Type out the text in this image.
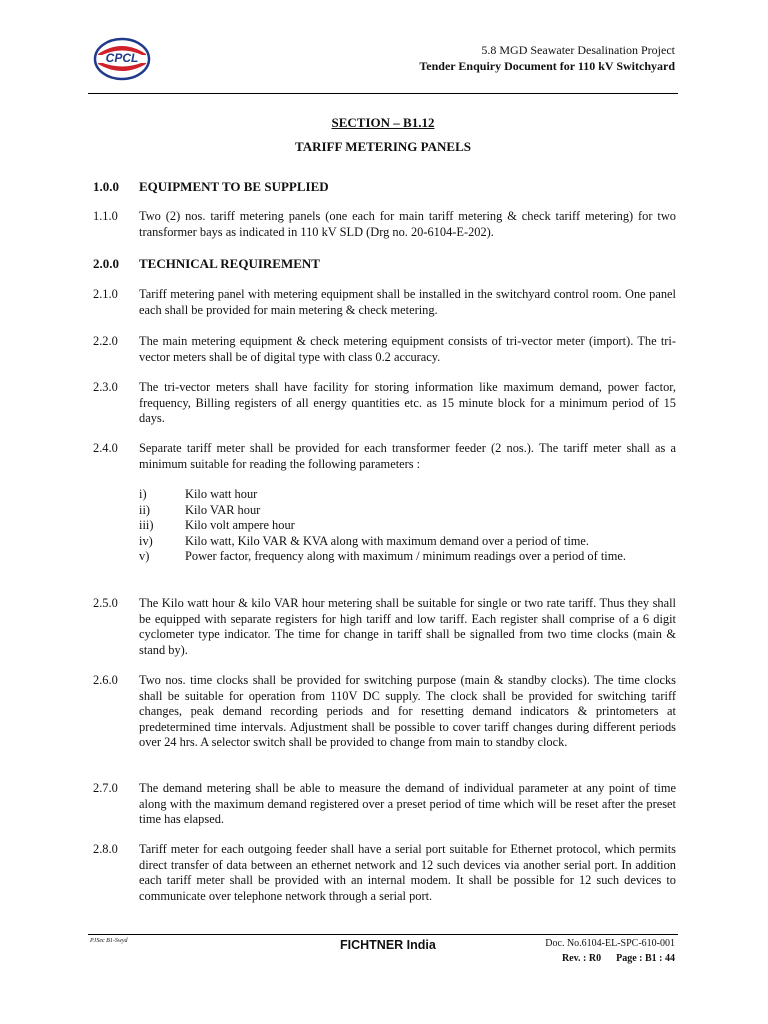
CPCL
5.8 MGD Seawater Desalination Project
Tender Enquiry Document for 110 kV Switchyard
SECTION – B1.12
TARIFF METERING PANELS
1.0.0 EQUIPMENT TO BE SUPPLIED
1.1.0 Two (2) nos. tariff metering panels (one each for main tariff metering & check tariff metering) for two transformer bays as indicated in 110 kV SLD (Drg no. 20-6104-E-202).
2.0.0 TECHNICAL REQUIREMENT
2.1.0 Tariff metering panel with metering equipment shall be installed in the switchyard control room. One panel each shall be provided for main metering & check metering.
2.2.0 The main metering equipment & check metering equipment consists of tri-vector meter (import). The tri-vector meters shall be of digital type with class 0.2 accuracy.
2.3.0 The tri-vector meters shall have facility for storing information like maximum demand, power factor, frequency, Billing registers of all energy quantities etc. as 15 minute block for a minimum period of 15 days.
2.4.0 Separate tariff meter shall be provided for each transformer feeder (2 nos.). The tariff meter shall as a minimum suitable for reading the following parameters :
i)	Kilo watt hour
ii)	Kilo VAR hour
iii)	Kilo volt ampere hour
iv)	Kilo watt, Kilo VAR & KVA along with maximum demand over a period of time.
v)	Power factor, frequency along with maximum / minimum readings over a period of time.
2.5.0 The Kilo watt hour & kilo VAR hour metering shall be suitable for single or two rate tariff. Thus they shall be equipped with separate registers for high tariff and low tariff. Each register shall comprise of a 6 digit cyclometer type indicator. The time for change in tariff shall be signalled from two time clocks (main & stand by).
2.6.0 Two nos. time clocks shall be provided for switching purpose (main & standby clocks). The time clocks shall be suitable for operation from 110V DC supply. The clock shall be provided for switching tariff changes, peak demand recording periods and for resetting demand indicators & printometers at predetermined time intervals. Adjustment shall be possible to cover tariff changes during different periods over 24 hrs. A selector switch shall be provided to change from main to standby clock.
2.7.0 The demand metering shall be able to measure the demand of individual parameter at any point of time along with the maximum demand registered over a preset period of time which will be reset after the preset time has elapsed.
2.8.0 Tariff meter for each outgoing feeder shall have a serial port suitable for Ethernet protocol, which permits direct transfer of data between an ethernet network and 12 such devices via another serial port. In addition each tariff meter shall be provided with an internal modem. It shall be possible for 12 such devices to communicate over telephone network through a serial port.
PJSec B1-Swyd	FICHTNER India	Doc. No.6104-EL-SPC-610-001
Rev. : R0      Page : B1 : 44
